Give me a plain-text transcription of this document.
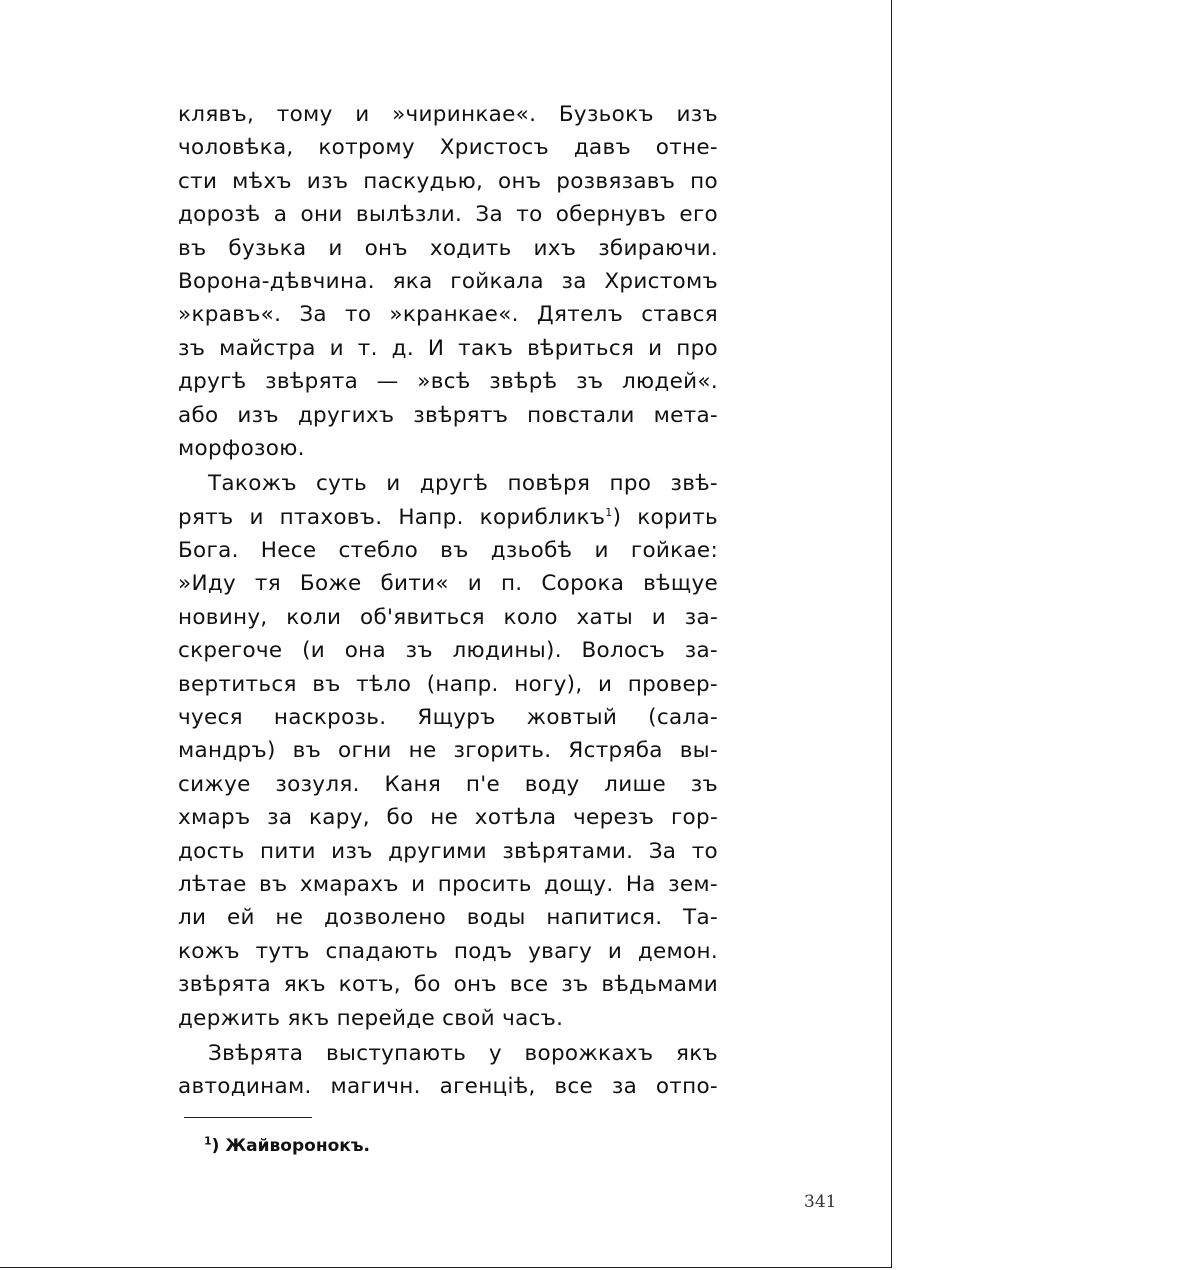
клявъ, тому и »чиринкае«. Бузьокъ изъ
чоловѣка, котрому Христосъ давъ отне-
сти мѣхъ изъ паскудью, онъ розвязавъ по
дорозѣ а они вылѣзли. За то обернувъ его
въ бузька и онъ ходить ихъ збираючи.
Ворона-дѣвчина. яка гойкала за Христомъ
»кравъ«. За то »кранкае«. Дятелъ стався
зъ майстра и т. д. И такъ вѣриться и про
другѣ звѣрята — »всѣ звѣрѣ зъ людей«.
або изъ другихъ звѣрятъ повстали мета-
морфозою.
Такожъ суть и другѣ повѣря про звѣ-
рятъ и птаховъ. Напр. корибликъ$^1$) корить
Бога. Несе стебло въ дзьобѣ и гойкае:
»Иду тя Боже бити« и п. Сорока вѣщуе
новину, коли об'явиться коло хаты и за-
скрегоче (и она зъ людины). Волосъ за-
вертиться въ тѣло (напр. ногу), и провер-
чуеся наскрозь. Ящуръ жовтый (сала-
мандръ) въ огни не згорить. Ястряба вы-
сижуе зозуля. Каня п'е воду лише зъ
хмаръ за кару, бо не хотѣла черезъ гор-
дость пити изъ другими звѣрятами. За то
лѣтае въ хмарахъ и просить дощу. На зем-
ли ей не дозволено воды напитися. Та-
кожъ тутъ спадають подъ увагу и демон.
звѣрята якъ котъ, бо онъ все зъ вѣдьмами
держить якъ перейде свой часъ.
Звѣрята выступають у ворожкахъ якъ
автодинам. магичн. агенцiѣ, все за отпо-
$^1$) Жайворонокъ.
341
